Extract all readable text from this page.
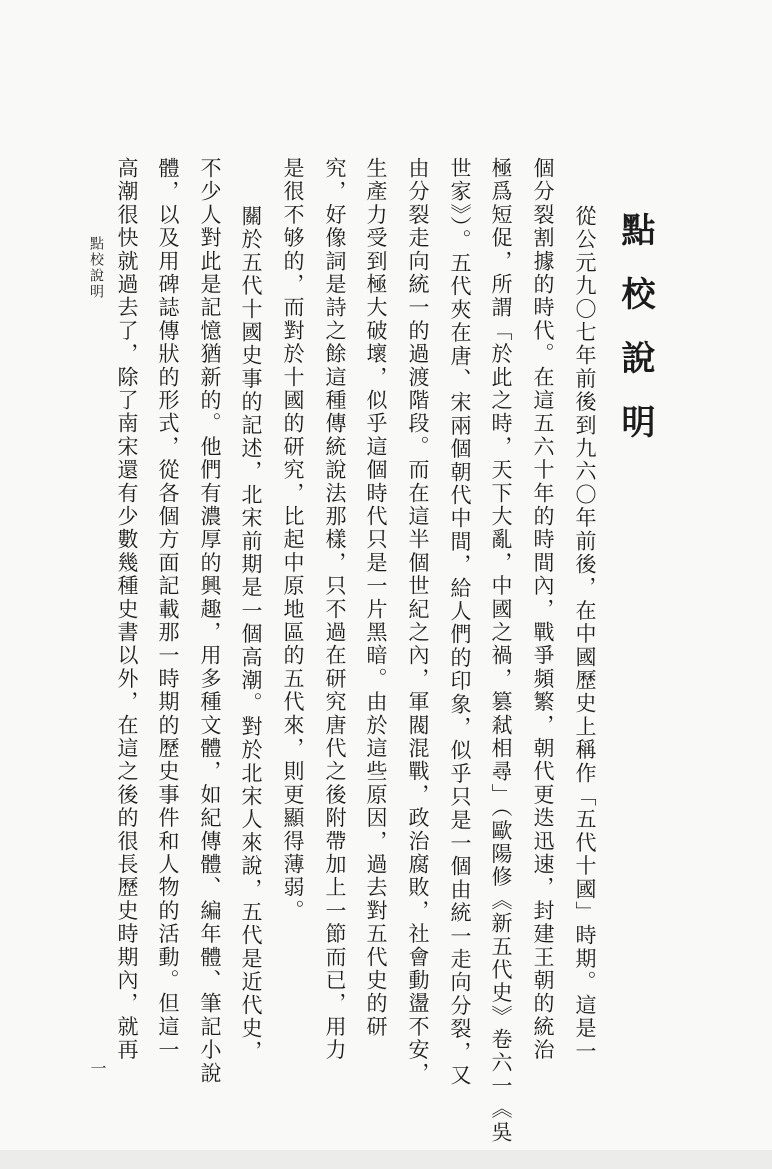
點校說明
從公元九〇七年前後到九六〇年前後，在中國歷史上稱作「五代十國」時期。這是一
個分裂割據的時代。在這五六十年的時間內，戰爭頻繁，朝代更迭迅速，封建王朝的統治
極爲短促，所謂「於此之時，天下大亂，中國之禍，篡弒相尋」（歐陽修《新五代史》卷六一《吳
世家》）。五代夾在唐、宋兩個朝代中間，給人們的印象，似乎只是一個由統一走向分裂，又
由分裂走向統一的過渡階段。而在這半個世紀之內，軍閥混戰，政治腐敗，社會動盪不安，
生產力受到極大破壞，似乎這個時代只是一片黑暗。由於這些原因，過去對五代史的研
究，好像詞是詩之餘這種傳統說法那樣，只不過在研究唐代之後附帶加上一節而已，用力
是很不够的，而對於十國的研究，比起中原地區的五代來，則更顯得薄弱。
關於五代十國史事的記述，北宋前期是一個高潮。對於北宋人來說，五代是近代史，
不少人對此是記憶猶新的。他們有濃厚的興趣，用多種文體，如紀傳體、編年體、筆記小說
體，以及用碑誌傳狀的形式，從各個方面記載那一時期的歷史事件和人物的活動。但這一
高潮很快就過去了，除了南宋還有少數幾種史書以外，在這之後的很長歷史時期內，就再
點校說明
一
